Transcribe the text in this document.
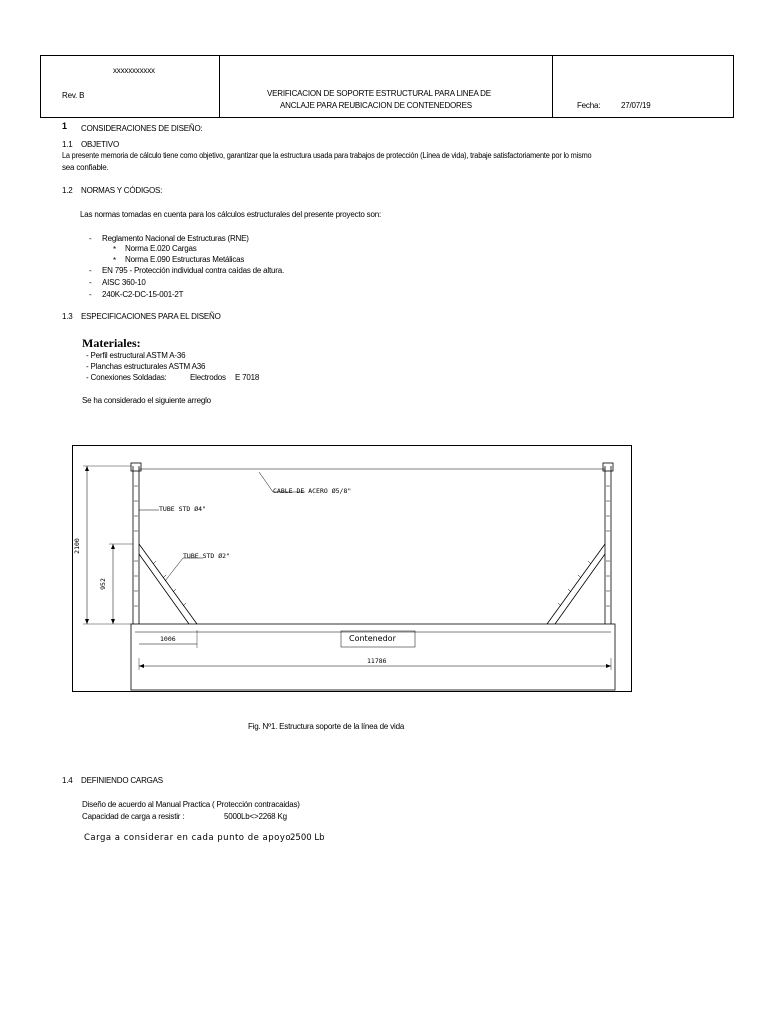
xxxxxxxxxxx
Rev. B
Fecha:	27/07/19
VERIFICACION DE SOPORTE ESTRUCTURAL PARA LINEA DE
ANCLAJE PARA REUBICACION DE CONTENEDORES
1 CONSIDERACIONES DE DISEÑO:
1.1 OBJETIVO
La presente memoria de cálculo tiene como objetivo, garantizar que la estructura usada para trabajos de protección (Línea de vida), trabaje satisfactoriamente por lo mismo
sea confiable.
1.2 NORMAS Y CÓDIGOS:
Las normas tomadas en cuenta para los cálculos estructurales del presente proyecto son:
- Reglamento Nacional de Estructuras (RNE)
* Norma E.020 Cargas
* Norma E.090 Estructuras Metálicas
- EN 795 - Protección individual contra caídas de altura.
- AISC 360-10
- 240K-C2-DC-15-001-2T
1.3 ESPECIFICACIONES PARA EL DISEÑO
Materiales:
- Perfil estructural ASTM A-36
- Planchas estructurales ASTM A36
- Conexiones Soldadas:	Electrodos E 7018
Se ha considerado el siguiente arreglo
CABLE DE ACERO Ø5/8"
TUBE STD Ø4"
TUBE STD Ø2"
2100
952
1006
11786
Contenedor
Fig. Nº1. Estructura soporte de la línea de vida
1.4 DEFINIENDO CARGAS
Diseño de acuerdo al Manual Practica ( Protección contracaidas)
Capacidad de carga a resistir :	5000Lb<>2268 Kg
Carga a considerar en cada punto de apoyo
2500 Lb
